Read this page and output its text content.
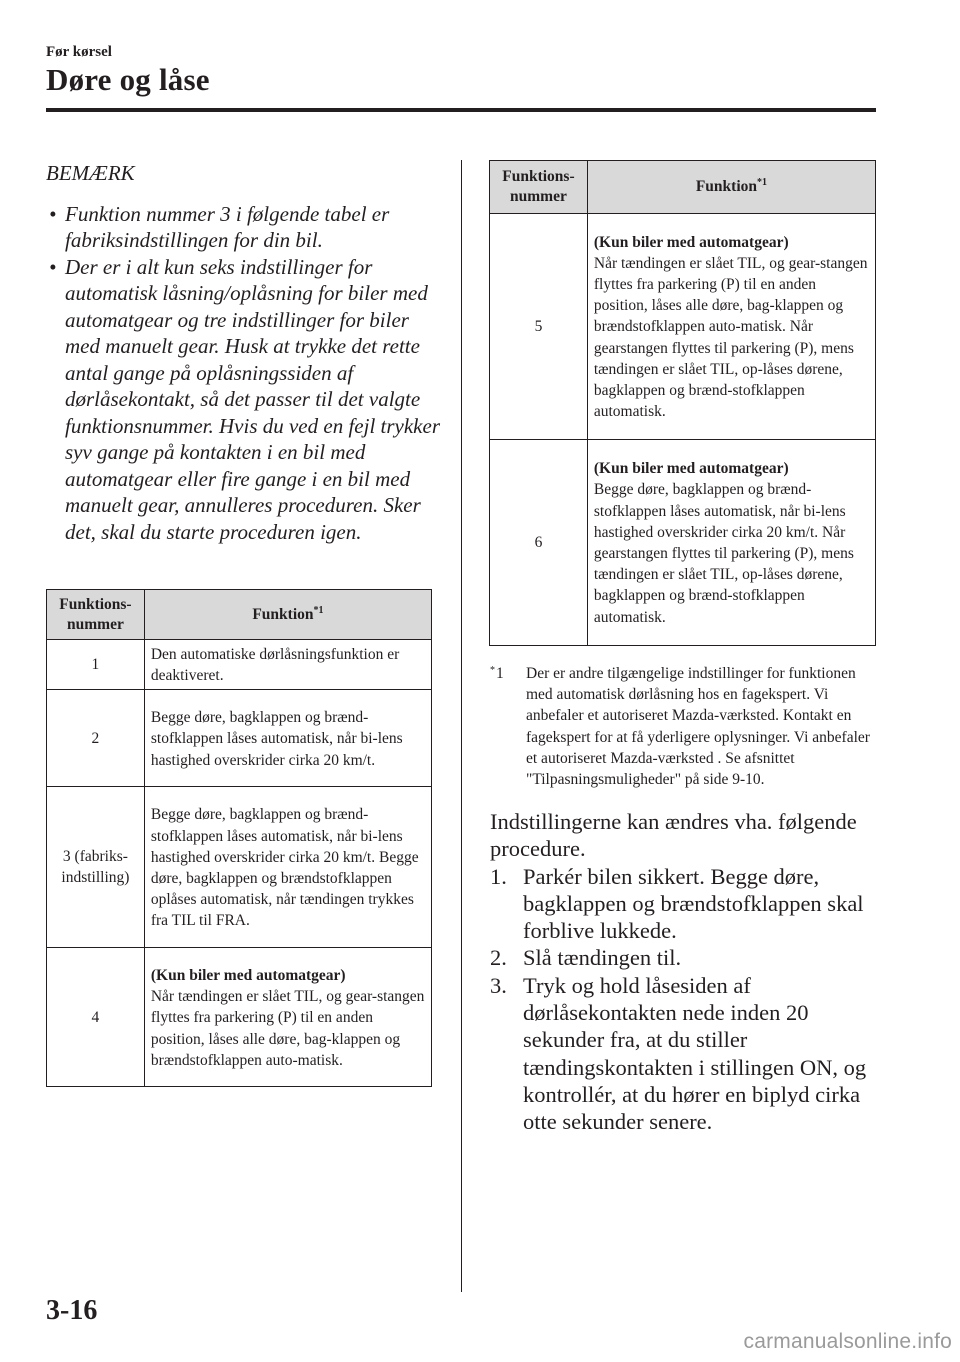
Før kørsel
Døre og låse

BEMÆRK

• Funktion nummer 3 i følgende tabel er fabriksindstillingen for din bil.

• Der er i alt kun seks indstillinger for automatisk låsning/oplåsning for biler med automatgear og tre indstillinger for biler med manuelt gear. Husk at trykke det rette antal gange på oplåsningssiden af dørlåsekontakt, så det passer til det valgte funktionsnummer. Hvis du ved en fejl trykker syv gange på kontakten i en bil med automatgear eller fire gange i en bil med manuelt gear, annulleres proceduren. Sker det, skal du starte proceduren igen.

Funktions-
nummer	Funktion$^{*1}$
1	Den automatiske dørlåsningsfunktion er deaktiveret.
2	Begge døre, bagklappen og brænd-stofklappen låses automatisk, når bi-lens hastighed overskrider cirka 20 km/t.
3 (fabriks-indstilling)	Begge døre, bagklappen og brænd-stofklappen låses automatisk, når bi-lens hastighed overskrider cirka 20 km/t. Begge døre, bagklappen og brændstofklappen oplåses automatisk, når tændingen trykkes fra TIL til FRA.
4	(Kun biler med automatgear)
Når tændingen er slået TIL, og gear-stangen flyttes fra parkering (P) til en anden position, låses alle døre, bag-klappen og brændstofklappen auto-matisk.
Funktions-
nummer	Funktion$^{*1}$
5	(Kun biler med automatgear)
Når tændingen er slået TIL, og gear-stangen flyttes fra parkering (P) til en anden position, låses alle døre, bag-klappen og brændstofklappen auto-matisk. Når gearstangen flyttes til parkering (P), mens tændingen er slået TIL, op-låses dørene, bagklappen og brænd-stofklappen automatisk.
6	(Kun biler med automatgear)
Begge døre, bagklappen og brænd-stofklappen låses automatisk, når bi-lens hastighed overskrider cirka 20 km/t. Når gearstangen flyttes til parkering (P), mens tændingen er slået TIL, op-låses dørene, bagklappen og brænd-stofklappen automatisk.
* 1 Der er andre tilgængelige indstillinger for funktionen med automatisk dørlåsning hos en fagekspert. Vi anbefaler et autoriseret Mazda-værksted. Kontakt en fagekspert for at få yderligere oplysninger. Vi anbefaler et autoriseret Mazda-værksted . Se afsnittet "Tilpasningsmuligheder" på side 9-10.

Indstillingerne kan ændres vha. følgende procedure.

1. Parkér bilen sikkert. Begge døre, bagklappen og brændstofklappen skal forblive lukkede.

2. Slå tændingen til.

3. Tryk og hold låsesiden af dørlåsekontakten nede inden 20 sekunder fra, at du stiller tændingskontakten i stillingen ON, og kontrollér, at du hører en biplyd cirka otte sekunder senere.

3-16
carmanualsonline.info
